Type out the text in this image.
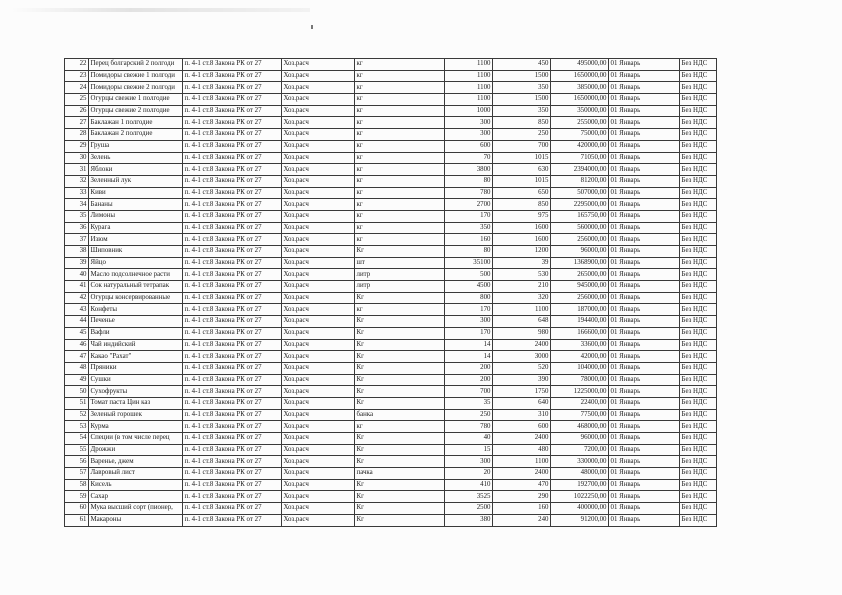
22	Перец болгарский 2 полгоди	п. 4-1 ст.8 Закона РК от 27	Хоз.расч	кг	1100	450	495000,00	01 Январь	Без НДС
23	Помидоры свежие 1 полгоди	п. 4-1 ст.8 Закона РК от 27	Хоз.расч	кг	1100	1500	1650000,00	01 Январь	Без НДС
24	Помидоры свежие 2 полгоди	п. 4-1 ст.8 Закона РК от 27	Хоз.расч	кг	1100	350	385000,00	01 Январь	Без НДС
25	Огурцы свежие 1 полгодие	п. 4-1 ст.8 Закона РК от 27	Хоз.расч	кг	1100	1500	1650000,00	01 Январь	Без НДС
26	Огурцы свежие 2 полгодие	п. 4-1 ст.8 Закона РК от 27	Хоз.расч	кг	1000	350	350000,00	01 Январь	Без НДС
27	Баклажан 1 полгодие	п. 4-1 ст.8 Закона РК от 27	Хоз.расч	кг	300	850	255000,00	01 Январь	Без НДС
28	Баклажан 2 полгодие	п. 4-1 ст.8 Закона РК от 27	Хоз.расч	кг	300	250	75000,00	01 Январь	Без НДС
29	Груша	п. 4-1 ст.8 Закона РК от 27	Хоз.расч	кг	600	700	420000,00	01 Январь	Без НДС
30	Зелень	п. 4-1 ст.8 Закона РК от 27	Хоз.расч	кг	70	1015	71050,00	01 Январь	Без НДС
31	Яблоки	п. 4-1 ст.8 Закона РК от 27	Хоз.расч	кг	3800	630	2394000,00	01 Январь	Без НДС
32	Зеленный лук	п. 4-1 ст.8 Закона РК от 27	Хоз.расч	кг	80	1015	81200,00	01 Январь	Без НДС
33	Киви	п. 4-1 ст.8 Закона РК от 27	Хоз.расч	кг	780	650	507000,00	01 Январь	Без НДС
34	Бананы	п. 4-1 ст.8 Закона РК от 27	Хоз.расч	кг	2700	850	2295000,00	01 Январь	Без НДС
35	Лимоны	п. 4-1 ст.8 Закона РК от 27	Хоз.расч	кг	170	975	165750,00	01 Январь	Без НДС
36	Курага	п. 4-1 ст.8 Закона РК от 27	Хоз.расч	кг	350	1600	560000,00	01 Январь	Без НДС
37	Изюм	п. 4-1 ст.8 Закона РК от 27	Хоз.расч	кг	160	1600	256000,00	01 Январь	Без НДС
38	Шиповник	п. 4-1 ст.8 Закона РК от 27	Хоз.расч	Кг	80	1200	96000,00	01 Январь	Без НДС
39	Яйцо	п. 4-1 ст.8 Закона РК от 27	Хоз.расч	шт	35100	39	1368900,00	01 Январь	Без НДС
40	Масло подсолнечное расти	п. 4-1 ст.8 Закона РК от 27	Хоз.расч	литр	500	530	265000,00	01 Январь	Без НДС
41	Сок натуральный тетрапак	п. 4-1 ст.8 Закона РК от 27	Хоз.расч	литр	4500	210	945000,00	01 Январь	Без НДС
42	Огурцы консервированные	п. 4-1 ст.8 Закона РК от 27	Хоз.расч	Кг	800	320	256000,00	01 Январь	Без НДС
43	Конфеты	п. 4-1 ст.8 Закона РК от 27	Хоз.расч	кг	170	1100	187000,00	01 Январь	Без НДС
44	Печенье	п. 4-1 ст.8 Закона РК от 27	Хоз.расч	Кг	300	648	194400,00	01 Январь	Без НДС
45	Вафли	п. 4-1 ст.8 Закона РК от 27	Хоз.расч	Кг	170	980	166600,00	01 Январь	Без НДС
46	Чай индийский	п. 4-1 ст.8 Закона РК от 27	Хоз.расч	Кг	14	2400	33600,00	01 Январь	Без НДС
47	Какао "Рахат"	п. 4-1 ст.8 Закона РК от 27	Хоз.расч	Кг	14	3000	42000,00	01 Январь	Без НДС
48	Пряники	п. 4-1 ст.8 Закона РК от 27	Хоз.расч	Кг	200	520	104000,00	01 Январь	Без НДС
49	Сушки	п. 4-1 ст.8 Закона РК от 27	Хоз.расч	Кг	200	390	78000,00	01 Январь	Без НДС
50	Сухофрукты	п. 4-1 ст.8 Закона РК от 27	Хоз.расч	Кг	700	1750	1225000,00	01 Январь	Без НДС
51	Томат паста Цин каз	п. 4-1 ст.8 Закона РК от 27	Хоз.расч	Кг	35	640	22400,00	01 Январь	Без НДС
52	Зеленый горошек	п. 4-1 ст.8 Закона РК от 27	Хоз.расч	банка	250	310	77500,00	01 Январь	Без НДС
53	Курма	п. 4-1 ст.8 Закона РК от 27	Хоз.расч	кг	780	600	468000,00	01 Январь	Без НДС
54	Специи (в том числе перец	п. 4-1 ст.8 Закона РК от 27	Хоз.расч	Кг	40	2400	96000,00	01 Январь	Без НДС
55	Дрожжи	п. 4-1 ст.8 Закона РК от 27	Хоз.расч	Кг	15	480	7200,00	01 Январь	Без НДС
56	Варенье, джем	п. 4-1 ст.8 Закона РК от 27	Хоз.расч	Кг	300	1100	330000,00	01 Январь	Без НДС
57	Лавровый лист	п. 4-1 ст.8 Закона РК от 27	Хоз.расч	пачка	20	2400	48000,00	01 Январь	Без НДС
58	Кисель	п. 4-1 ст.8 Закона РК от 27	Хоз.расч	Кг	410	470	192700,00	01 Январь	Без НДС
59	Сахар	п. 4-1 ст.8 Закона РК от 27	Хоз.расч	Кг	3525	290	1022250,00	01 Январь	Без НДС
60	Мука высший сорт (пионер,	п. 4-1 ст.8 Закона РК от 27	Хоз.расч	Кг	2500	160	400000,00	01 Январь	Без НДС
61	Макароны	п. 4-1 ст.8 Закона РК от 27	Хоз.расч	Кг	380	240	91200,00	01 Январь	Без НДС
